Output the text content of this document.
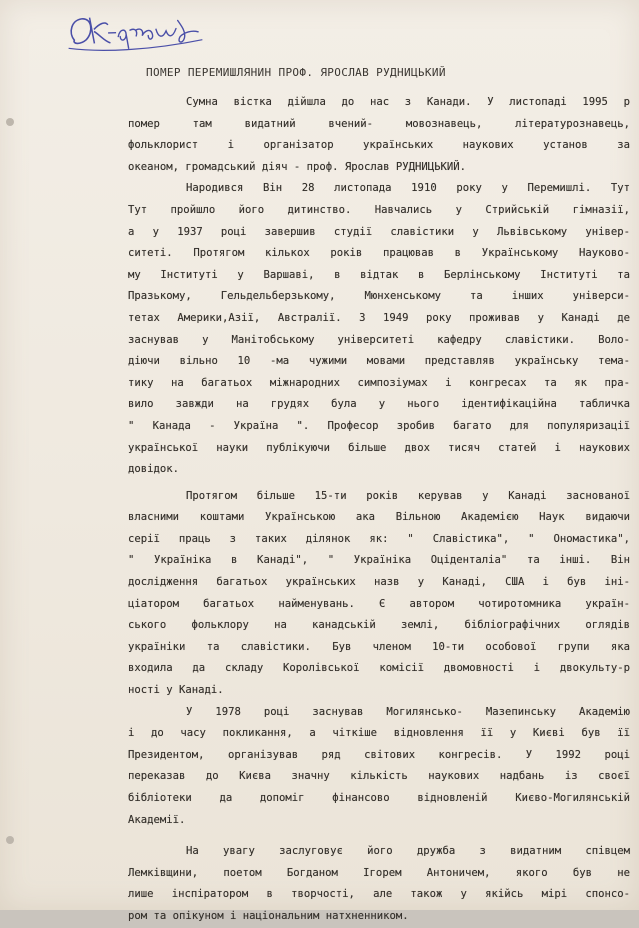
ПОМЕР ПЕРЕМИШЛЯНИН ПРОФ. ЯРОСЛАВ РУДНИЦЬКИЙ

Сумна вістка дійшла до нас з Канади. У листопаді 1995 р
помер там видатний вчений- мовознавець, літературознавець,
фольклорист і організатор українських наукових установ за
океаном, громадський діяч - проф. Ярослав РУДНИЦЬКИЙ.

Народився Він 28 листопада 1910 року у Перемишлі. Тут
Тут пройшло його дитинство. Навчались у Стрийській гімназії,
а у 1937 році завершив студії славістики у Львівському універ-
ситеті. Протягом кількох років працював в Українському Науково-
му Інституті у Варшаві, в відтак в Берлінському Інституті та
Празькому, Гельдельберзькому, Мюнхенському та інших універси-
тетах Америки,Азії, Австралії. З 1949 року проживав у Канаді де
заснував у Манітобському університеті кафедру славістики. Воло-
діючи вільно 10 -ма чужими мовами представляв українську тема-
тику на багатьох міжнародних симпозіумах і конгресах та як пра-
вило завжди на грудях була у нього ідентифікаційна табличка
" Канада - Україна ". Професор зробив багато для популяризації
української науки публікуючи більше двох тисяч статей і наукових
довідок.

Протягом більше 15-ти років керував у Канаді заснованої
власними коштами Українською ака Вільною Академією Наук видаючи
серії праць з таких ділянок як: " Славістика", " Ономастика",
" Україніка в Канаді", " Україніка Оціденталіа" та інші. Він
дослідження багатьох українських назв у Канаді, США і був іні-
ціатором багатьох найменувань. Є автором чотиротомника україн-
ського фольклору на канадській землі, бібліографічних оглядів
україніки та славістики. Був членом 10-ти особової групи яка
входила да складу Королівської комісії двомовності і двокульту-р
ності у Канаді.

У 1978 році заснував Могилянсько- Мазепинську Академію
і до часу покликання, а чіткіше відновлення її у Києві був її
Президентом, організував ряд світових конгресів. У 1992 році
переказав до Києва значну кількість наукових надбань із своєї
бібліотеки да допоміг фінансово відновленій Києво-Могилянській
Академії.

На увагу заслуговує його дружба з видатним співцем
Лемківщини, поетом Богданом Ігорем Антоничем, якого був не
лише інспіратором в творчості, але також у якійсь мірі спонсо-
ром та опікуном і національним натхненником.
